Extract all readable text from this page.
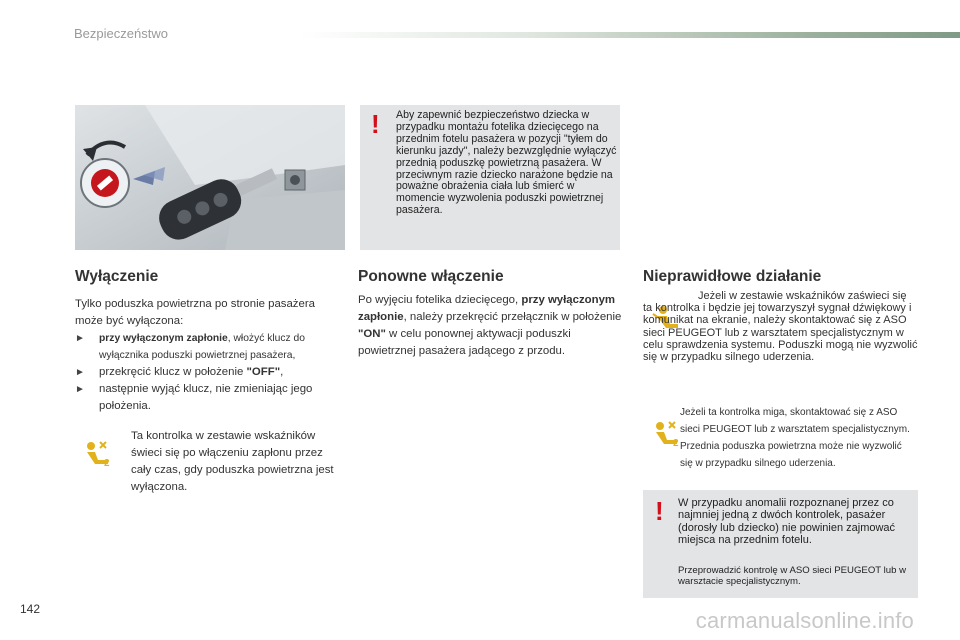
Bezpieczeństwo
! Aby zapewnić bezpieczeństwo dziecka w przypadku montażu fotelika dziecięcego na przednim fotelu pasażera w pozycji "tyłem do kierunku jazdy", należy bezwzględnie wyłączyć przednią poduszkę powietrzną pasażera. W przeciwnym razie dziecko narażone będzie na poważne obrażenia ciała lub śmierć w momencie wyzwolenia poduszki powietrznej pasażera.
Wyłączenie
Tylko poduszka powietrzna po stronie pasażera może być wyłączona:
► przy wyłączonym zapłonie, włożyć klucz do wyłącznika poduszki powietrznej pasażera,
► przekręcić klucz w położenie "OFF",
► następnie wyjąć klucz, nie zmieniając jego położenia.
2
Ta kontrolka w zestawie wskaźników świeci się po włączeniu zapłonu przez cały czas, gdy poduszka powietrzna jest wyłączona.
Ponowne włączenie
Po wyjęciu fotelika dziecięcego, przy wyłączonym zapłonie, należy przekręcić przełącznik w położenie "ON" w celu ponownej aktywacji poduszki powietrznej pasażera jadącego z przodu.
Nieprawidłowe działanie
Jeżeli w zestawie wskaźników zaświeci się ta kontrolka i będzie jej towarzyszył sygnał dźwiękowy i komunikat na ekranie, należy skontaktować się z ASO sieci PEUGEOT lub z warsztatem specjalistycznym w celu sprawdzenia systemu. Poduszki mogą nie wyzwolić się w przypadku silnego uderzenia.
2
Jeżeli ta kontrolka miga, skontaktować się z ASO sieci PEUGEOT lub z warsztatem specjalistycznym. Przednia poduszka powietrzna może nie wyzwolić się w przypadku silnego uderzenia.
! W przypadku anomalii rozpoznanej przez co najmniej jedną z dwóch kontrolek, pasażer (dorosły lub dziecko) nie powinien zajmować miejsca na przednim fotelu.
Przeprowadzić kontrolę w ASO sieci PEUGEOT lub w warsztacie specjalistycznym.
142	carmanualsonline.info
